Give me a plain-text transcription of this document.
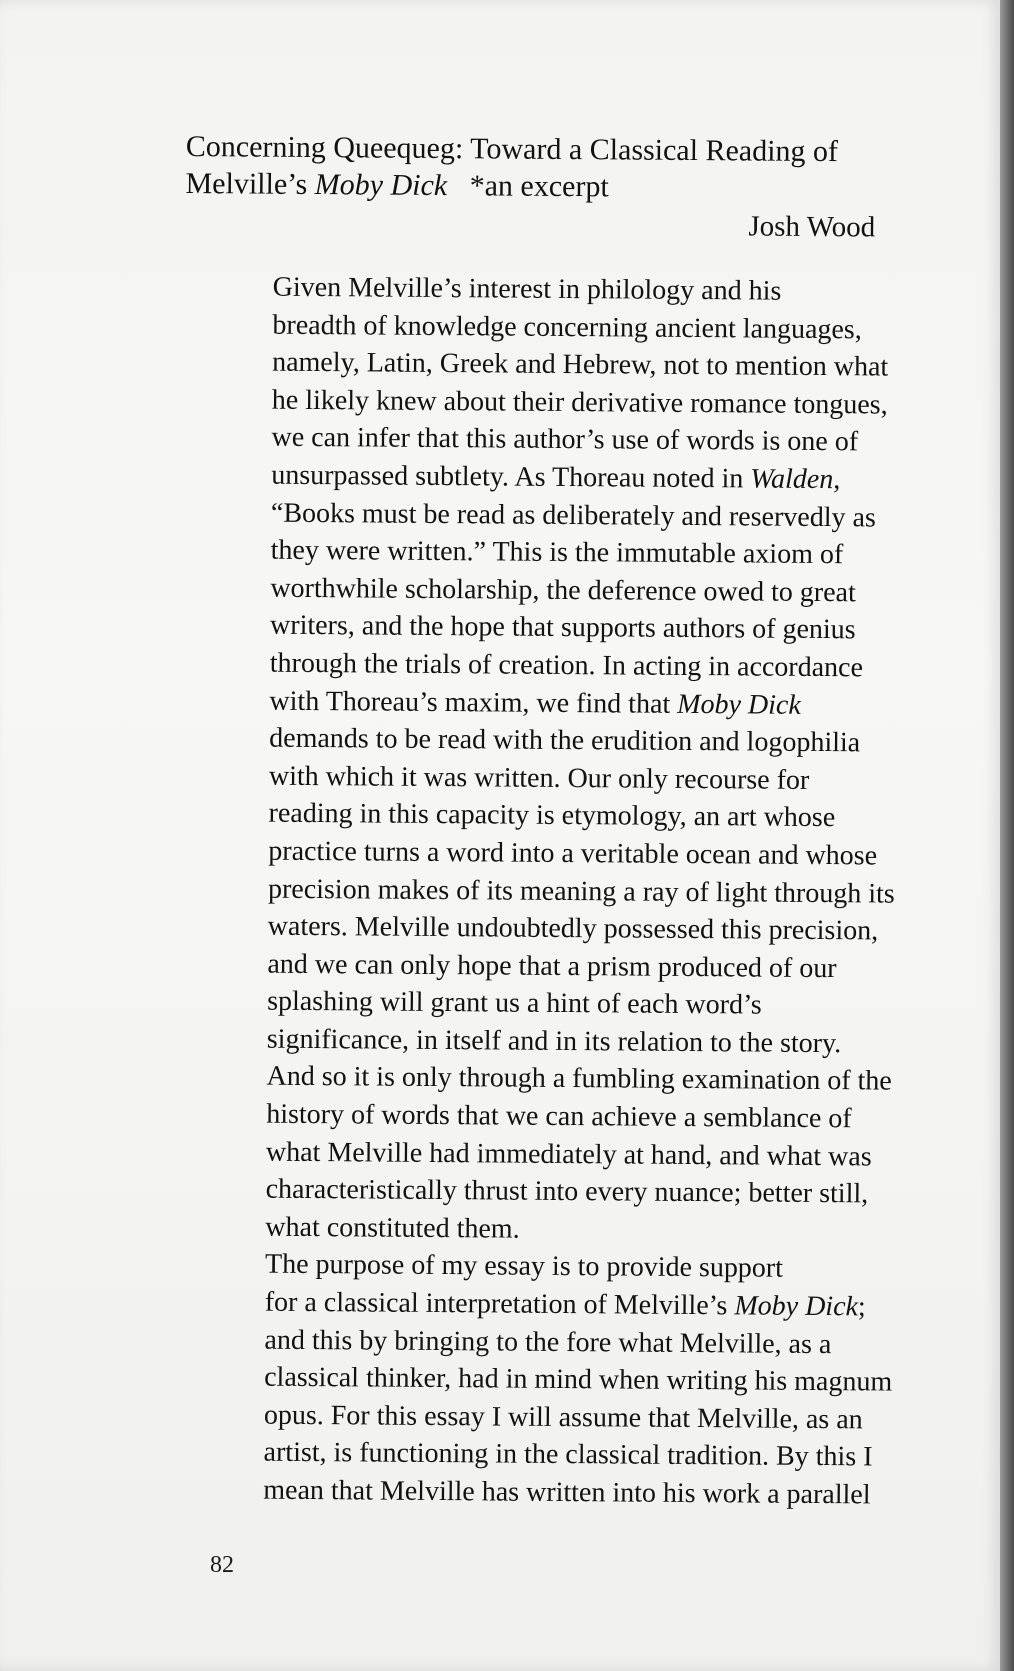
Concerning Queequeg: Toward a Classical Reading of
Melville’s Moby Dick   *an excerpt
Josh Wood

Given Melville’s interest in philology and his
breadth of knowledge concerning ancient languages,
namely, Latin, Greek and Hebrew, not to mention what
he likely knew about their derivative romance tongues,
we can infer that this author’s use of words is one of
unsurpassed subtlety. As Thoreau noted in Walden,
“Books must be read as deliberately and reservedly as
they were written.” This is the immutable axiom of
worthwhile scholarship, the deference owed to great
writers, and the hope that supports authors of genius
through the trials of creation. In acting in accordance
with Thoreau’s maxim, we find that Moby Dick
demands to be read with the erudition and logophilia
with which it was written. Our only recourse for
reading in this capacity is etymology, an art whose
practice turns a word into a veritable ocean and whose
precision makes of its meaning a ray of light through its
waters. Melville undoubtedly possessed this precision,
and we can only hope that a prism produced of our
splashing will grant us a hint of each word’s
significance, in itself and in its relation to the story.
And so it is only through a fumbling examination of the
history of words that we can achieve a semblance of
what Melville had immediately at hand, and what was
characteristically thrust into every nuance; better still,
what constituted them.

The purpose of my essay is to provide support
for a classical interpretation of Melville’s Moby Dick;
and this by bringing to the fore what Melville, as a
classical thinker, had in mind when writing his magnum
opus. For this essay I will assume that Melville, as an
artist, is functioning in the classical tradition. By this I
mean that Melville has written into his work a parallel

82
